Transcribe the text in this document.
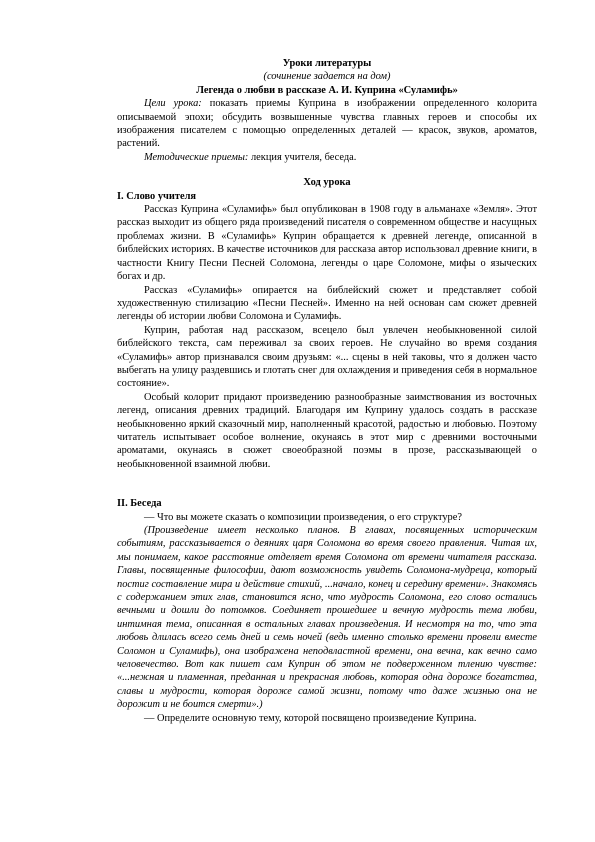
Уроки литературы

(сочинение задается на дом)

Легенда о любви в рассказе А. И. Куприна «Суламифь»

Цели урока: показать приемы Куприна в изображении определенного колорита описываемой эпохи; обсудить возвышенные чувства главных героев и способы их изображения писателем с помощью определенных деталей — красок, звуков, ароматов, растений.

Методические приемы: лекция учителя, беседа.

Ход урока

I. Слово учителя

Рассказ Куприна «Суламифь» был опубликован в 1908 году в альманахе «Земля». Этот рассказ выходит из общего ряда произведений писателя о современном обществе и насущных проблемах жизни. В «Суламифь» Куприн обращается к древней легенде, описанной в библейских историях. В качестве источников для рассказа автор использовал древние книги, в частности Книгу Песни Песней Соломона, легенды о царе Соломоне, мифы о языческих богах и др.

Рассказ «Суламифь» опирается на библейский сюжет и представляет собой художественную стилизацию «Песни Песней». Именно на ней основан сам сюжет древней легенды об истории любви Соломона и Суламифь.

Куприн, работая над рассказом, всецело был увлечен необыкновенной силой библейского текста, сам переживал за своих героев. Не случайно во время создания «Суламифь» автор признавался своим друзьям: «... сцены в ней таковы, что я должен часто выбегать на улицу раздевшись и глотать снег для охлаждения и приведения себя в нормальное состояние».

Особый колорит придают произведению разнообразные заимствования из восточных легенд, описания древних традиций. Благодаря им Куприну удалось создать в рассказе необыкновенно яркий сказочный мир, наполненный красотой, радостью и любовью. Поэтому читатель испытывает особое волнение, окунаясь в этот мир с древними восточными ароматами, окунаясь в сюжет своеобразной поэмы в прозе, рассказывающей о необыкновенной взаимной любви.

II. Беседа

— Что вы можете сказать о композиции произведения, о его структуре?

(Произведение имеет несколько планов. В главах, посвященных историческим событиям, рассказывается о деяниях царя Соломона во время своего правления. Читая их, мы понимаем, какое расстояние отделяет время Соломона от времени читателя рассказа. Главы, посвященные философии, дают возможность увидеть Соломона-мудреца, который постиг составление мира и действие стихий, ...начало, конец и середину времени». Знакомясь с содержанием этих глав, становится ясно, что мудрость Соломона, его слово остались вечными и дошли до потомков. Соединяет прошедшее и вечную мудрость тема любви, интимная тема, описанная в остальных главах произведения. И несмотря на то, что эта любовь длилась всего семь дней и семь ночей (ведь именно столько времени провели вместе Соломон и Суламифь), она изображена неподвластной времени, она вечна, как вечно само человечество. Вот как пишет сам Куприн об этом не подверженном тлению чувстве: «...нежная и пламенная, преданная и прекрасная любовь, которая одна дороже богатства, славы и мудрости, которая дороже самой жизни, потому что даже жизнью она не дорожит и не боится смерти».)

— Определите основную тему, которой посвящено произведение Куприна.
